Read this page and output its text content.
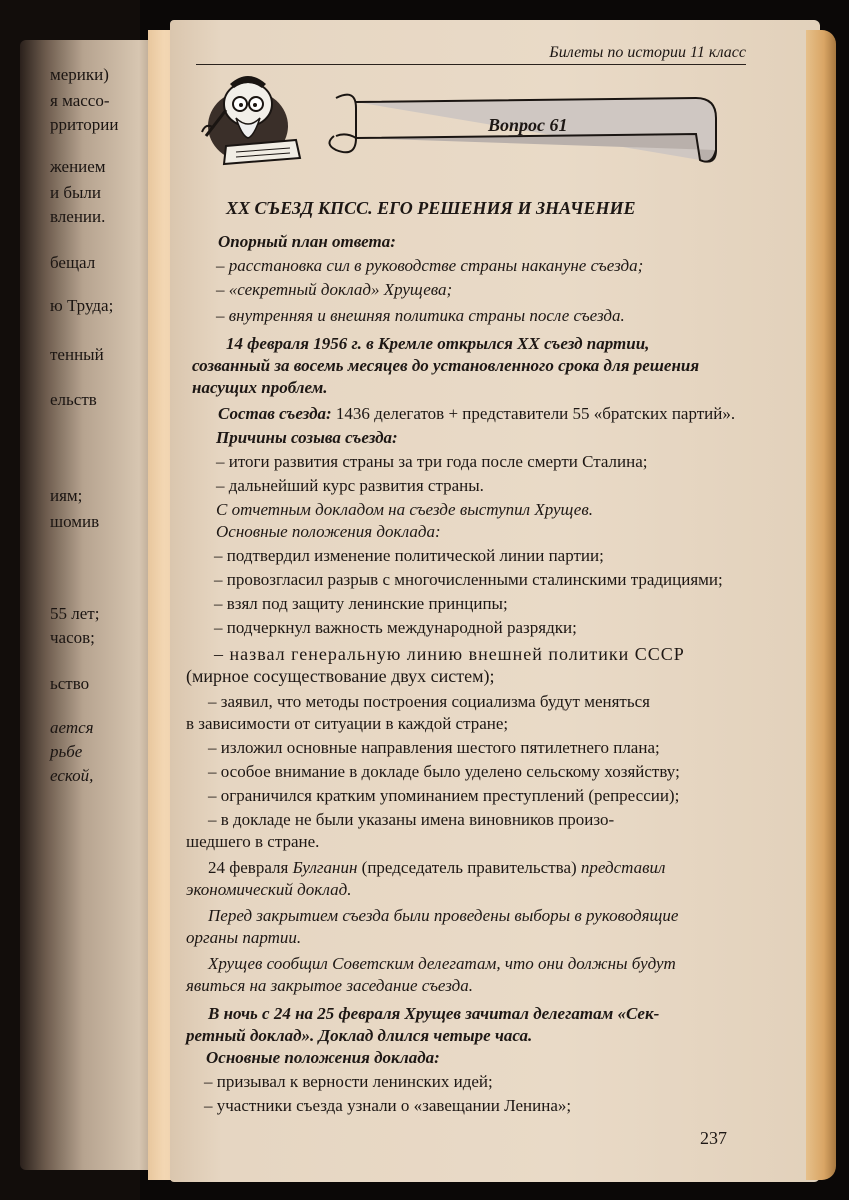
мерики)
я массо-
рритории
жением
и были
влении.
бещал
ю Труда;
тенный
ельств
иям;
шомив
55 лет;
часов;
ьство
ается
рьбе
еской,
Билеты по истории 11 класс
Вопрос 61
XX СЪЕЗД КПСС. ЕГО РЕШЕНИЯ И ЗНАЧЕНИЕ
Опорный план ответа:
– расстановка сил в руководстве страны накануне съезда;
– «секретный доклад» Хрущева;
– внутренняя и внешняя политика страны после съезда.
14 февраля 1956 г. в Кремле открылся XX съезд партии,
созванный за восемь месяцев до установленного срока для решения
насущих проблем.
Состав съезда: 1436 делегатов + представители 55 «братских партий».
Причины созыва съезда:
– итоги развития страны за три года после смерти Сталина;
– дальнейший курс развития страны.
С отчетным докладом на съезде выступил Хрущев.
Основные положения доклада:
– подтвердил изменение политической линии партии;
– провозгласил разрыв с многочисленными сталинскими традициями;
– взял под защиту ленинские принципы;
– подчеркнул важность международной разрядки;
– назвал генеральную линию внешней политики СССР
(мирное сосуществование двух систем);
– заявил, что методы построения социализма будут меняться
в зависимости от ситуации в каждой стране;
– изложил основные направления шестого пятилетнего плана;
– особое внимание в докладе было уделено сельскому хозяйству;
– ограничился кратким упоминанием преступлений (репрессии);
– в докладе не были указаны имена виновников произо-
шедшего в стране.
24 февраля Булганин (председатель правительства) представил
экономический доклад.
Перед закрытием съезда были проведены выборы в руководящие
органы партии.
Хрущев сообщил Советским делегатам, что они должны будут
явиться на закрытое заседание съезда.
В ночь с 24 на 25 февраля Хрущев зачитал делегатам «Сек-
ретный доклад». Доклад длился четыре часа.
Основные положения доклада:
– призывал к верности ленинских идей;
– участники съезда узнали о «завещании Ленина»;
237
